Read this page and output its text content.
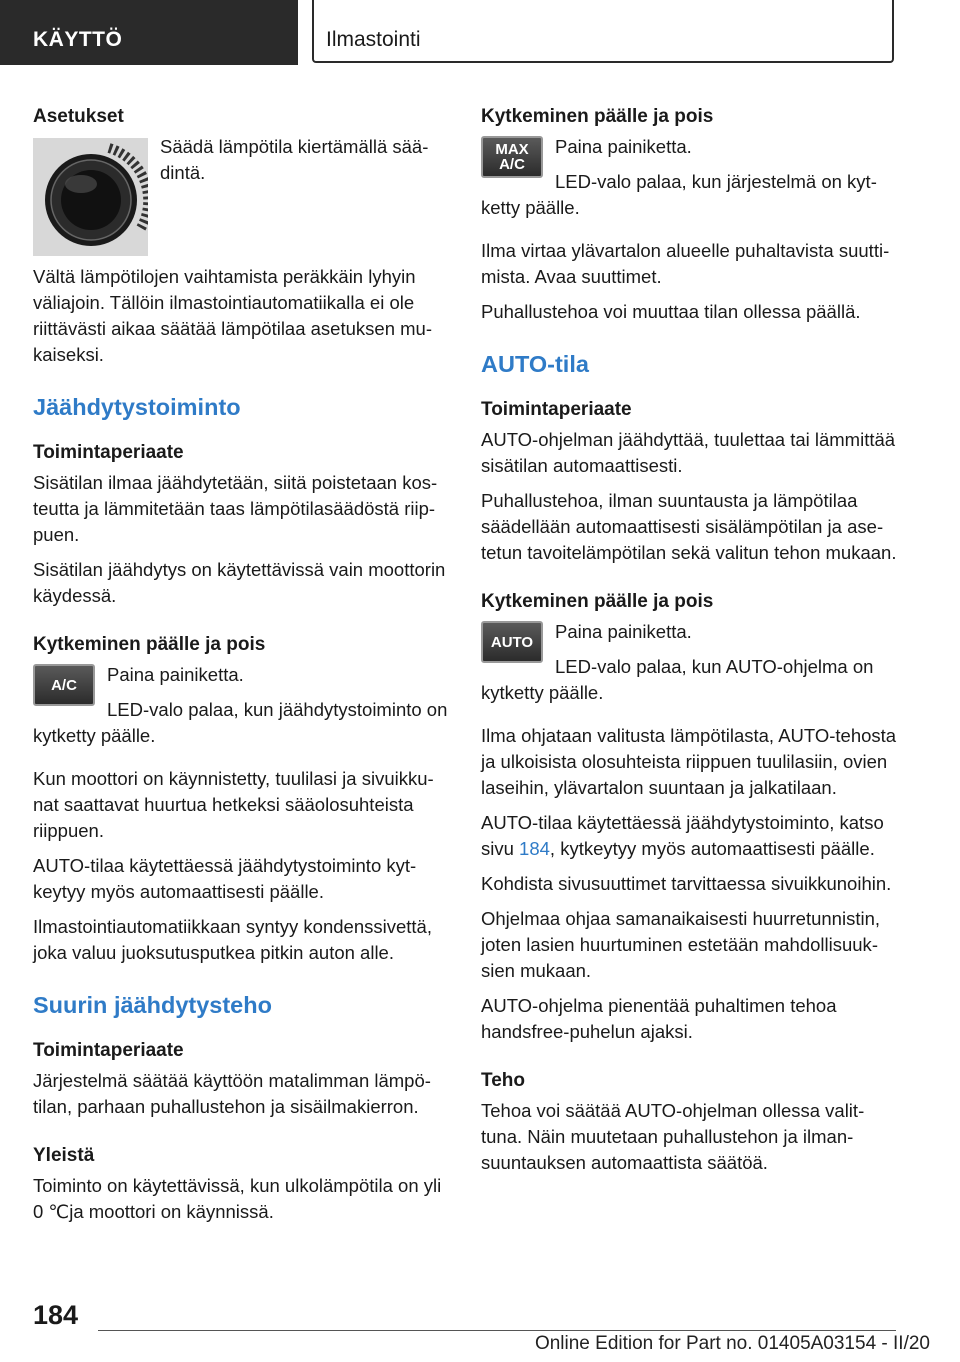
KÄYTTÖ	Ilmastointi
Asetukset

Säädä lämpötila kiertämällä säädintä.

Vältä lämpötilojen vaihtamista peräkkäin lyhyin väliajoin. Tällöin ilmastointiautomatiikalla ei ole riittävästi aikaa säätää lämpötilaa asetuksen mukaiseksi.

Jäähdytystoiminto
Toimintaperiaate

Sisätilan ilmaa jäähdytetään, siitä poistetaan kosteutta ja lämmitetään taas lämpötilasäädöstä riippuen.

Sisätilan jäähdytys on käytettävissä vain moottorin käydessä.

Kytkeminen päälle ja pois
A/C	Paina painiketta.

LED-valo palaa, kun jäähdytystoiminto on kytketty päälle.

Kun moottori on käynnistetty, tuulilasi ja sivuikkunat saattavat huurtua hetkeksi sääolosuhteista riippuen.

AUTO-tilaa käytettäessä jäähdytystoiminto kytkeytyy myös automaattisesti päälle.

Ilmastointiautomatiikkaan syntyy kondenssivettä, joka valuu juoksutusputkea pitkin auton alle.

Suurin jäähdytysteho
Toimintaperiaate

Järjestelmä säätää käyttöön matalimman lämpötilan, parhaan puhallustehon ja sisäilmakierron.

Yleistä

Toiminto on käytettävissä, kun ulkolämpötila on yli 0 ℃ja moottori on käynnissä.

Kytkeminen päälle ja pois
MAX
A/C

Paina painiketta.

LED-valo palaa, kun järjestelmä on kytketty päälle.

Ilma virtaa ylävartalon alueelle puhaltavista suuttimista. Avaa suuttimet.

Puhallustehoa voi muuttaa tilan ollessa päällä.

AUTO-tila
Toimintaperiaate

AUTO-ohjelman jäähdyttää, tuulettaa tai lämmittää sisätilan automaattisesti.

Puhallustehoa, ilman suuntausta ja lämpötilaa säädellään automaattisesti sisälämpötilan ja asetetun tavoitelämpötilan sekä valitun tehon mukaan.

Kytkeminen päälle ja pois
AUTO	Paina painiketta.

LED-valo palaa, kun AUTO-ohjelma on kytketty päälle.

Ilma ohjataan valitusta lämpötilasta, AUTO-tehosta ja ulkoisista olosuhteista riippuen tuulilasiin, ovien laseihin, ylävartalon suuntaan ja jalkatilaan.

AUTO-tilaa käytettäessä jäähdytystoiminto, katso sivu 184, kytkeytyy myös automaattisesti päälle.

Kohdista sivusuuttimet tarvittaessa sivuikkunoihin.

Ohjelmaa ohjaa samanaikaisesti huurretunnistin, joten lasien huurtuminen estetään mahdollisuuksien mukaan.

AUTO-ohjelma pienentää puhaltimen tehoa handsfree-puhelun ajaksi.

Teho

Tehoa voi säätää AUTO-ohjelman ollessa valittuna. Näin muutetaan puhallustehon ja ilmansuuntauksen automaattista säätöä.

184
Online Edition for Part no. 01405A03154 - II/20
